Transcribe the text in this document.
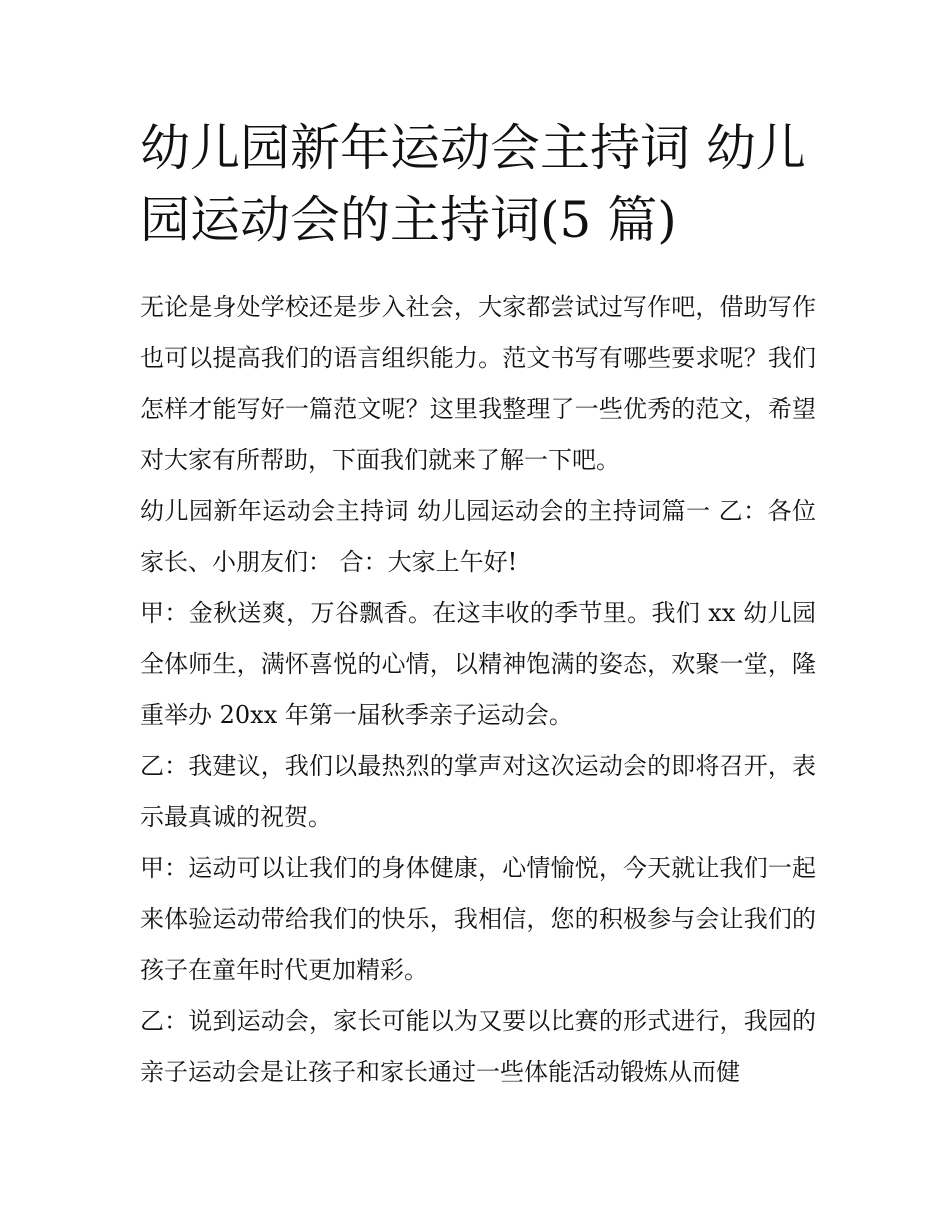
幼儿园新年运动会主持词 幼儿园运动会的主持词(5 篇)

无论是身处学校还是步入社会，大家都尝试过写作吧，借助写作也可以提高我们的语言组织能力。范文书写有哪些要求呢？我们怎样才能写好一篇范文呢？这里我整理了一些优秀的范文，希望对大家有所帮助，下面我们就来了解一下吧。

幼儿园新年运动会主持词 幼儿园运动会的主持词篇一 乙：各位家长、小朋友们： 合：大家上午好!

甲：金秋送爽，万谷飘香。在这丰收的季节里。我们 xx 幼儿园全体师生，满怀喜悦的心情，以精神饱满的姿态，欢聚一堂，隆重举办 20xx 年第一届秋季亲子运动会。

乙：我建议，我们以最热烈的掌声对这次运动会的即将召开，表示最真诚的祝贺。

甲：运动可以让我们的身体健康，心情愉悦，今天就让我们一起来体验运动带给我们的快乐，我相信，您的积极参与会让我们的孩子在童年时代更加精彩。

乙：说到运动会，家长可能以为又要以比赛的形式进行，我园的亲子运动会是让孩子和家长通过一些体能活动锻炼从而健
